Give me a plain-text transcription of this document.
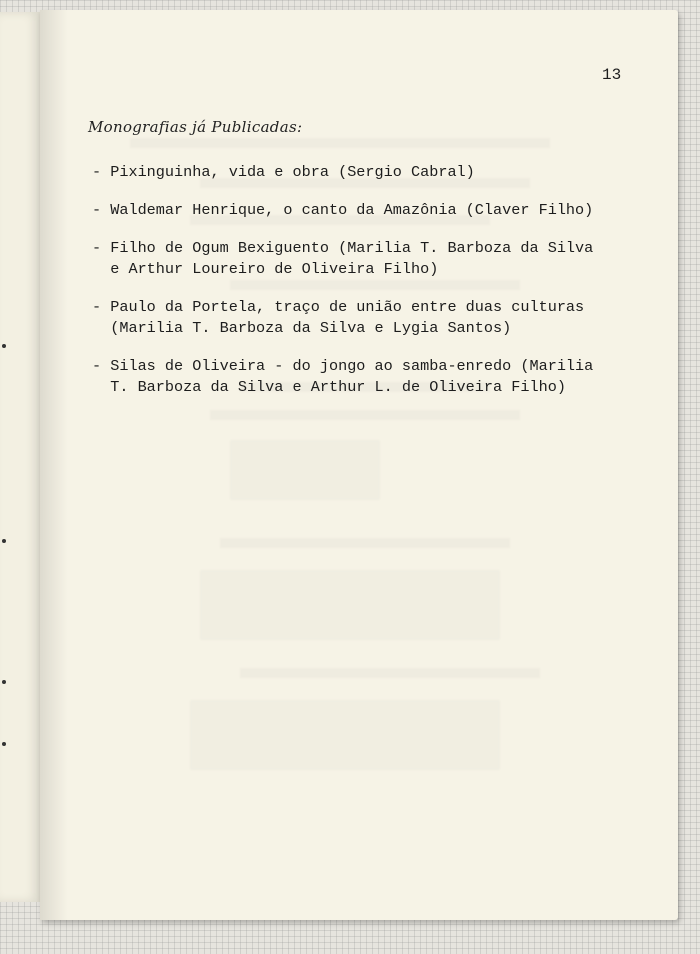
13
Monografias já Publicadas:
- Pixinguinha, vida e obra (Sergio Cabral)
- Waldemar Henrique, o canto da Amazônia (Claver Filho)
- Filho de Ogum Bexiguento (Marilia T. Barboza da Silva
e Arthur Loureiro de Oliveira Filho)
- Paulo da Portela, traço de união entre duas culturas
(Marilia T. Barboza da Silva e Lygia Santos)
- Silas de Oliveira - do jongo ao samba-enredo (Marilia
T. Barboza da Silva e Arthur L. de Oliveira Filho)
